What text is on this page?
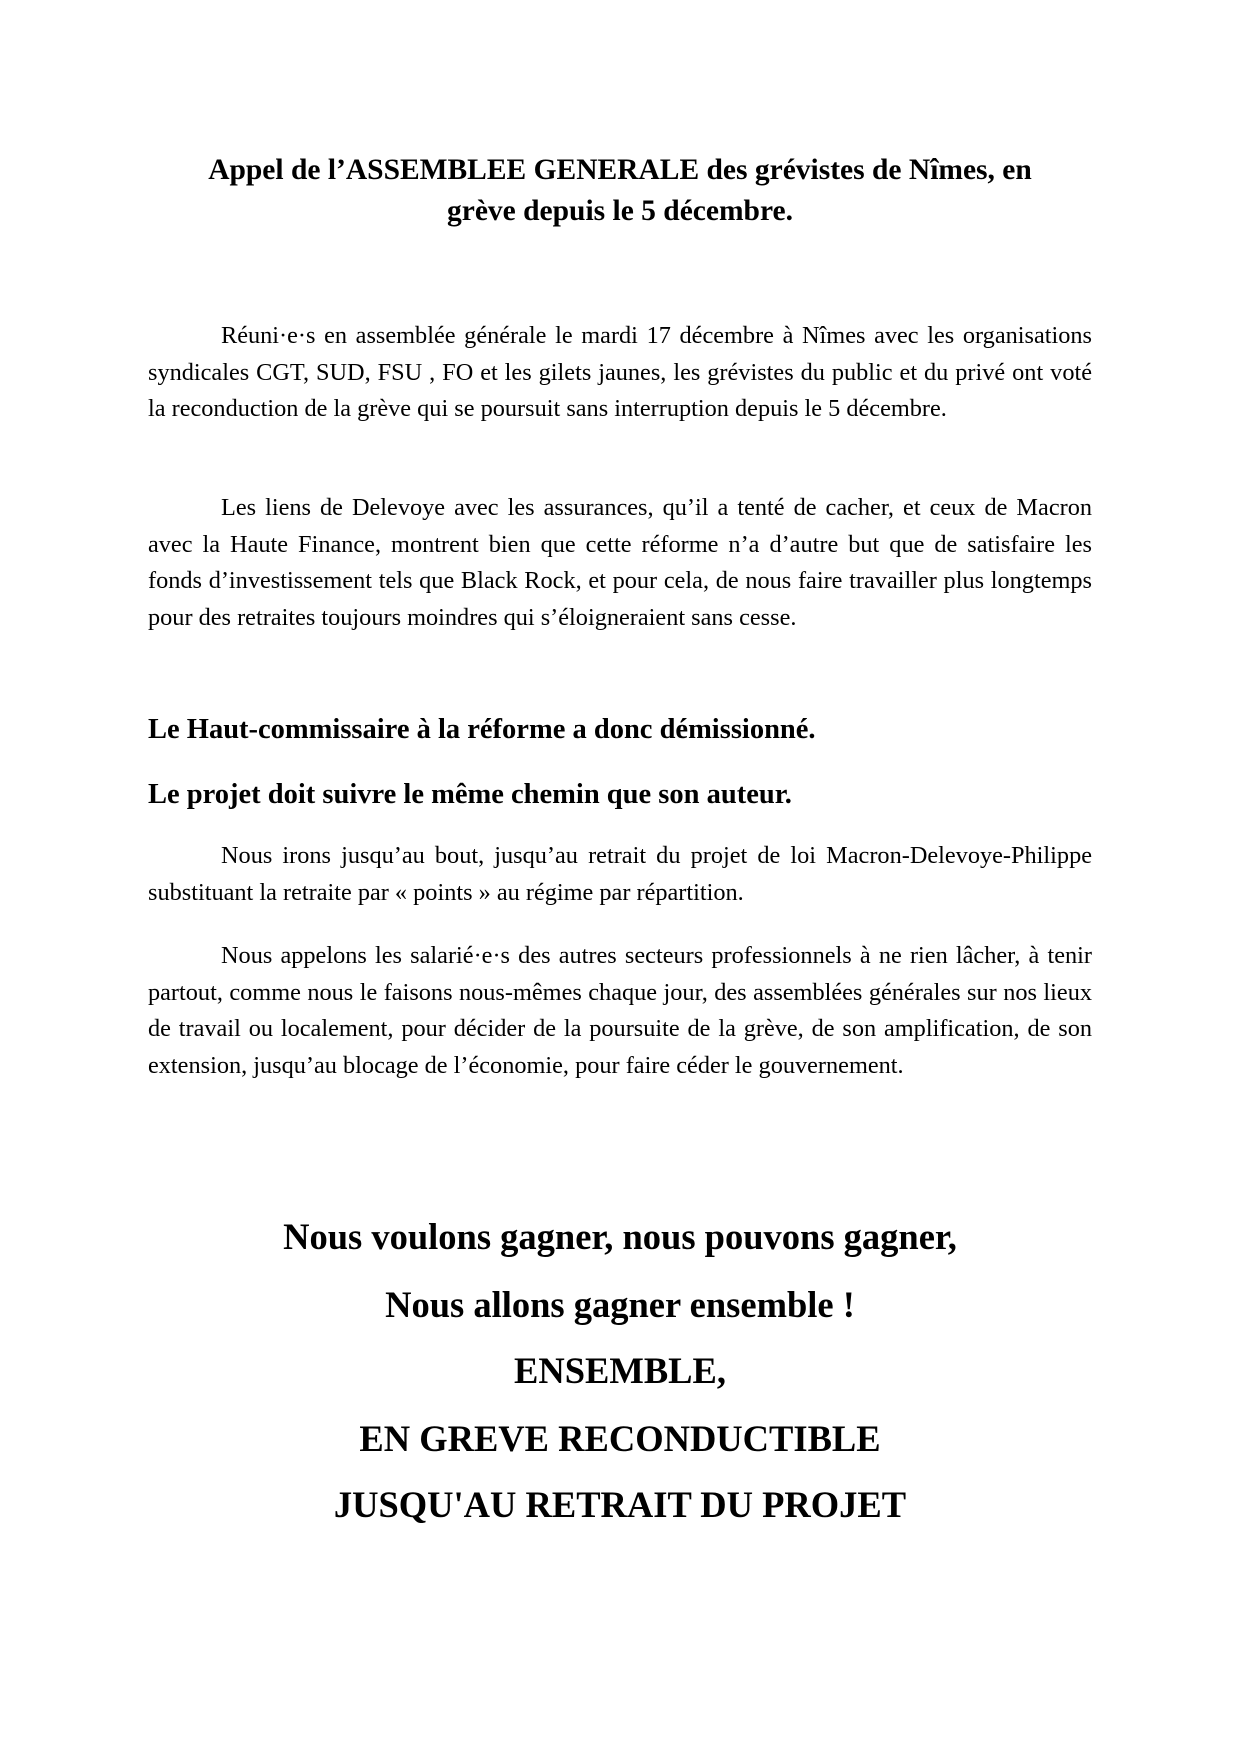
Appel de l’ASSEMBLEE GENERALE des grévistes de Nîmes, en
grève depuis le 5 décembre.

Réuni·e·s en assemblée générale le mardi 17 décembre à Nîmes avec les organisations syndicales CGT, SUD, FSU , FO et les gilets jaunes, les grévistes du public et du privé ont voté la reconduction de la grève qui se poursuit sans interruption depuis le 5 décembre.

Les liens de Delevoye avec les assurances, qu’il a tenté de cacher, et ceux de Macron avec la Haute Finance, montrent bien que cette réforme n’a d’autre but que de satisfaire les fonds d’investissement tels que Black Rock, et pour cela, de nous faire travailler plus longtemps pour des retraites toujours moindres qui s’éloigneraient sans cesse.

Le Haut-commissaire à la réforme a donc démissionné.

Le projet doit suivre le même chemin que son auteur.

Nous irons jusqu’au bout, jusqu’au retrait du projet de loi Macron-Delevoye-Philippe substituant la retraite par « points » au régime par répartition.

Nous appelons les salarié·e·s des autres secteurs professionnels à ne rien lâcher, à tenir partout, comme nous le faisons nous-mêmes chaque jour, des assemblées générales sur nos lieux de travail ou localement, pour décider de la poursuite de la grève, de son amplification, de son extension, jusqu’au blocage de l’économie, pour faire céder le gouvernement.

Nous voulons gagner, nous pouvons gagner,

Nous allons gagner ensemble !

ENSEMBLE,

EN GREVE RECONDUCTIBLE

JUSQU'AU RETRAIT DU PROJET
